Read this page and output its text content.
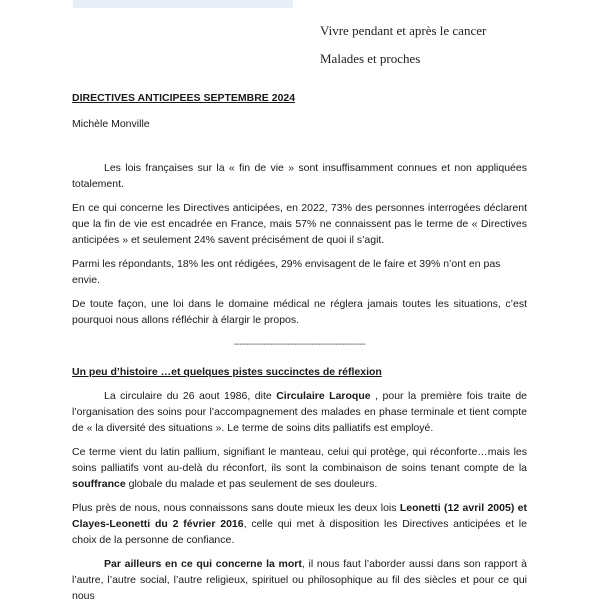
Vivre pendant et après le cancer
Malades et proches

DIRECTIVES ANTICIPEES SEPTEMBRE 2024

Michèle Monville

Les lois françaises sur la « fin de vie » sont insuffisamment connues et non appliquées totalement.

En ce qui concerne les Directives anticipées, en 2022, 73% des personnes interrogées déclarent que la fin de vie est encadrée en France, mais 57% ne connaissent pas le terme de « Directives anticipées » et seulement 24% savent précisément de quoi il s’agit.

Parmi les répondants, 18% les ont rédigées, 29% envisagent de le faire et 39% n’ont en pas envie.

De toute façon, une loi dans le domaine médical ne réglera jamais toutes les situations, c’est pourquoi nous allons réfléchir à élargir le propos.

--------------------------------------------

Un peu d’histoire …et quelques pistes succinctes de réflexion

La circulaire du 26 aout 1986, dite Circulaire Laroque , pour la première fois traite de l’organisation des soins pour l’accompagnement des malades en phase terminale et tient compte de « la diversité des situations ». Le terme de soins dits palliatifs est employé.

Ce terme vient du latin pallium, signifiant le manteau, celui qui protège, qui réconforte…mais les soins palliatifs vont au-delà du réconfort, ils sont la combinaison de soins tenant compte de la souffrance globale du malade et pas seulement de ses douleurs.

Plus près de nous, nous connaissons sans doute mieux les deux lois Leonetti (12 avril 2005) et Clayes-Leonetti du 2 février 2016, celle qui met à disposition les Directives anticipées et le choix de la personne de confiance.

Par ailleurs en ce qui concerne la mort, il nous faut l’aborder aussi dans son rapport à l’autre, l’autre social, l’autre religieux, spirituel ou philosophique au fil des siècles et pour ce qui nous
